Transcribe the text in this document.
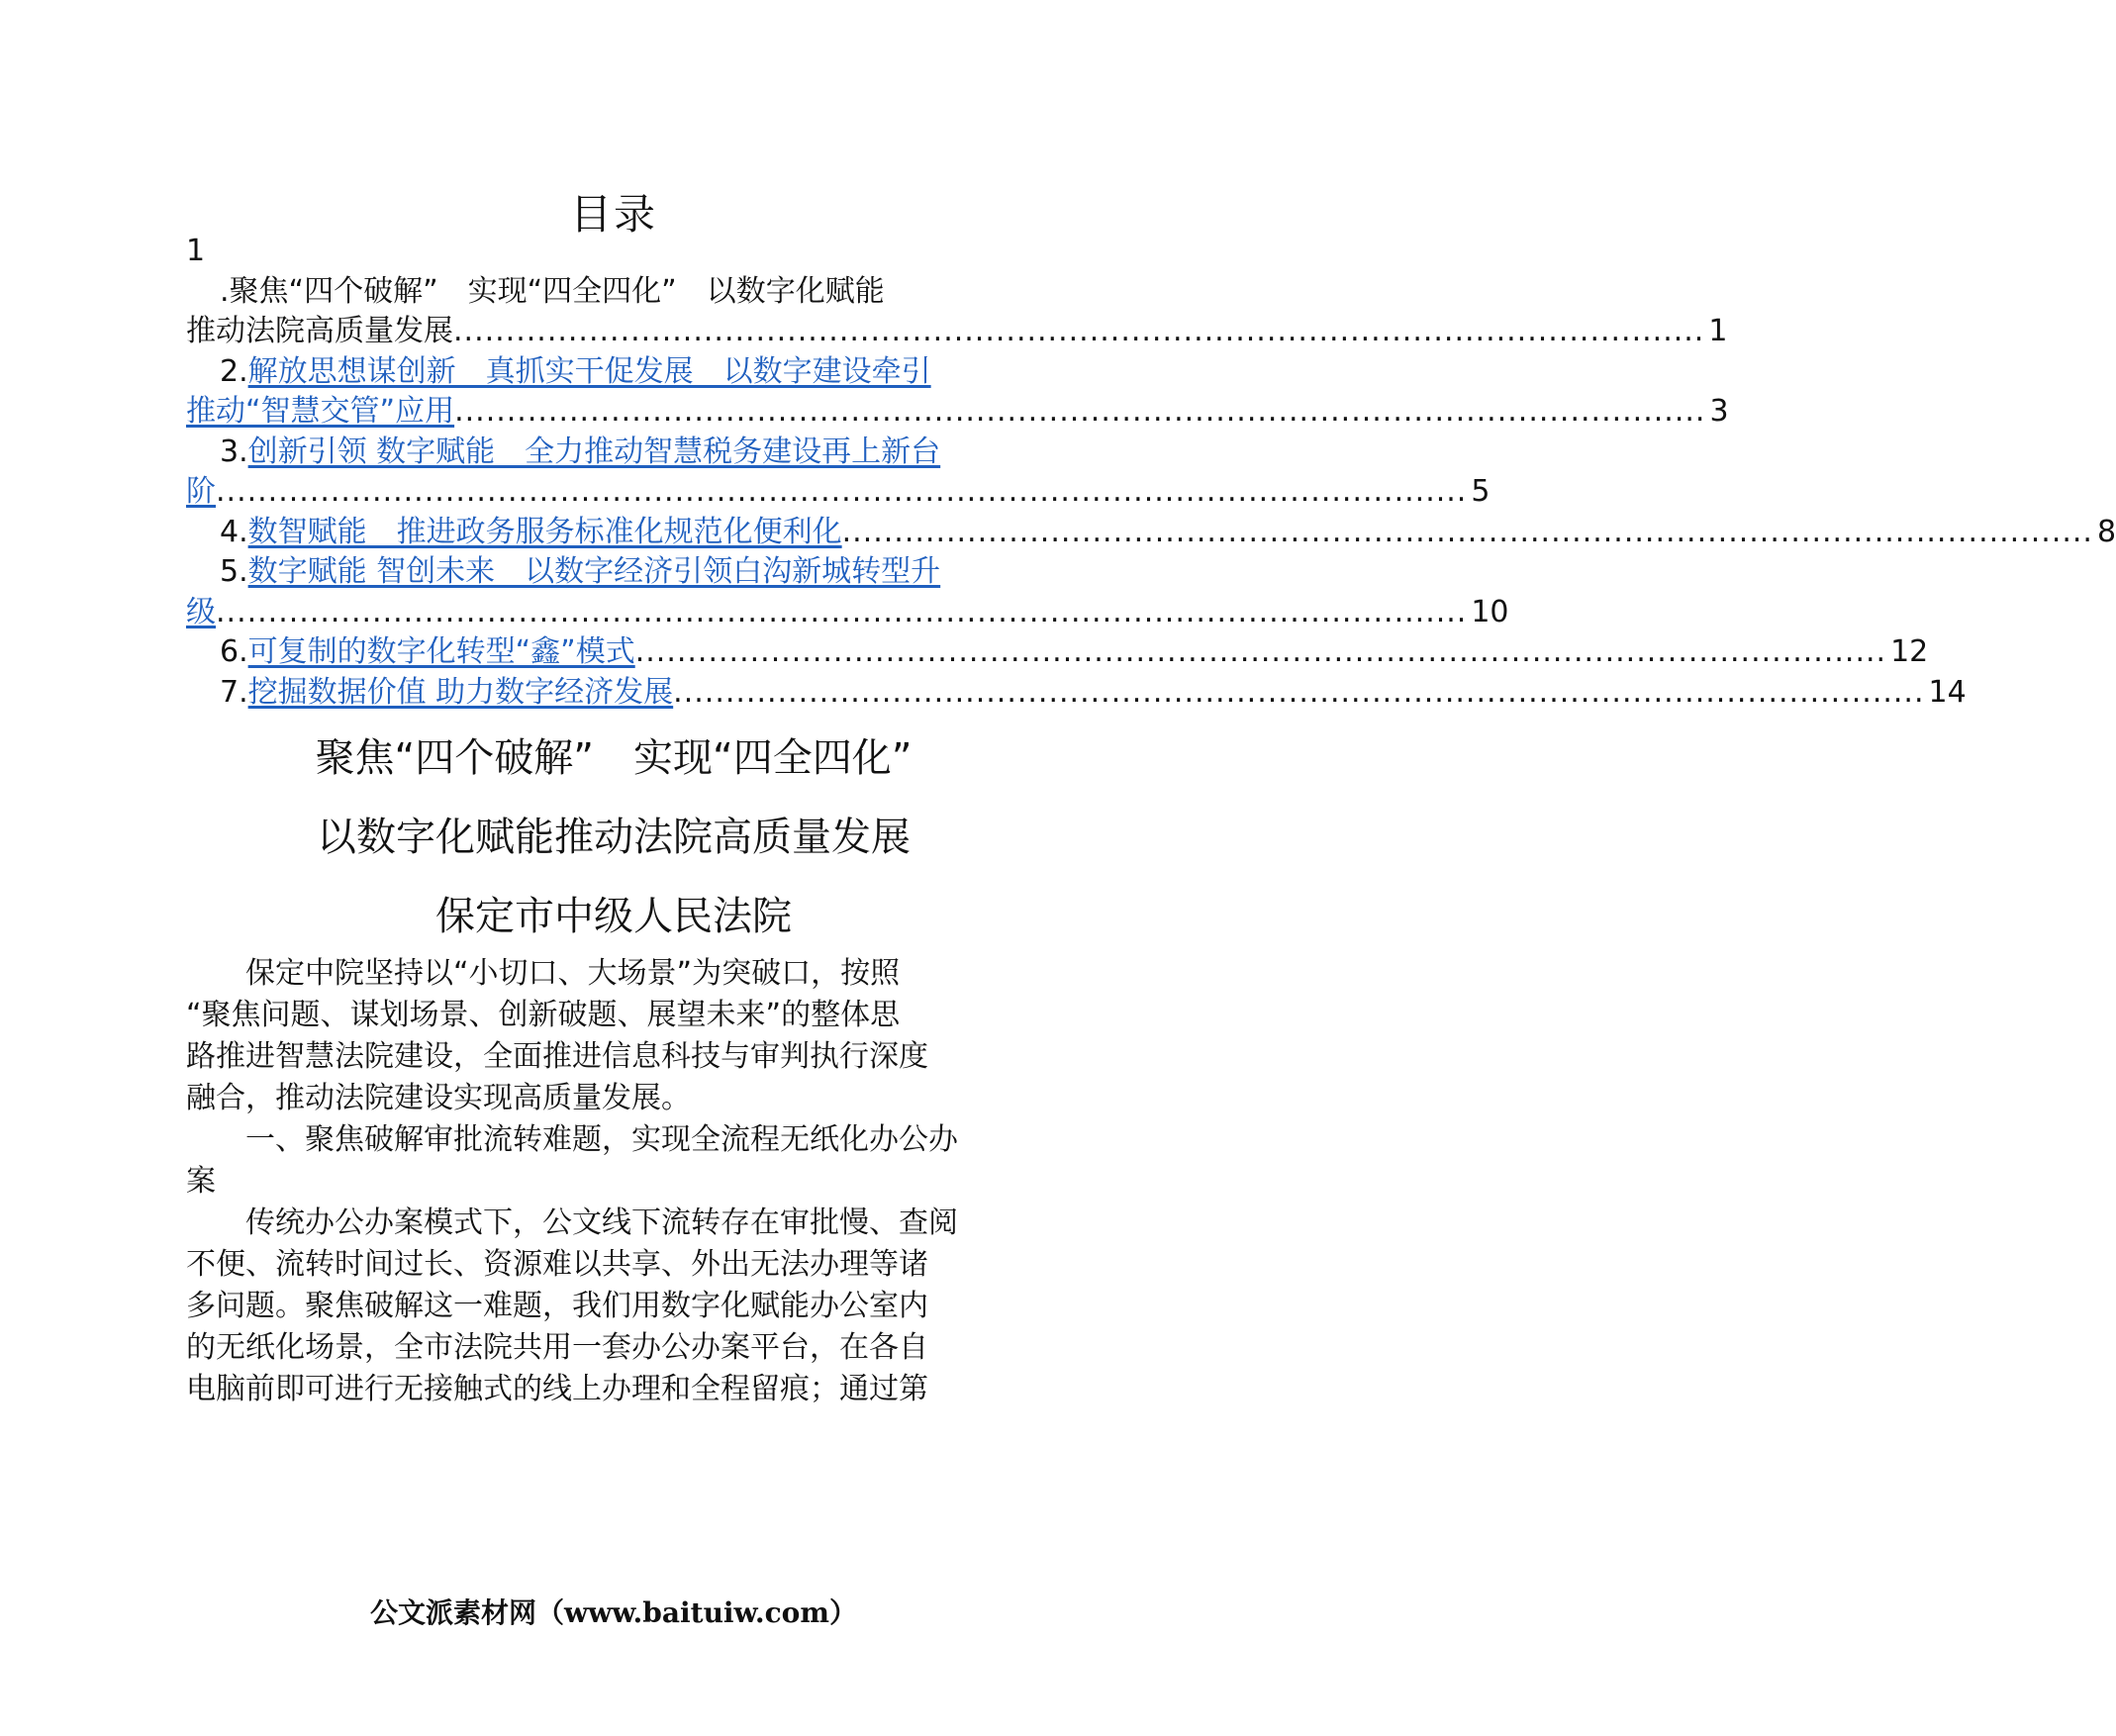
目录
1
.聚焦“四个破解”　实现“四全四化”　以数字化赋能
推动法院高质量发展 ........................................................................................................................ 1
2.解放思想谋创新　真抓实干促发展　以数字建设牵引
推动“智慧交管”应用 ........................................................................................................................ 3
3.创新引领 数字赋能　全力推动智慧税务建设再上新台
阶 ........................................................................................................................ 5
4. 数智赋能　推进政务服务标准化规范化便利化 ........................................................................................................................ 8
5.数字赋能 智创未来　以数字经济引领白沟新城转型升
级 ........................................................................................................................ 10
6. 可复制的数字化转型“鑫”模式 ........................................................................................................................ 12
7. 挖掘数据价值 助力数字经济发展 ........................................................................................................................ 14
聚焦“四个破解”　实现“四全四化”
以数字化赋能推动法院高质量发展
保定市中级人民法院
保定中院坚持以“小切口、大场景”为突破口，按照
“聚焦问题、谋划场景、创新破题、展望未来”的整体思
路推进智慧法院建设，全面推进信息科技与审判执行深度
融合，推动法院建设实现高质量发展。
一、聚焦破解审批流转难题，实现全流程无纸化办公办
案
传统办公办案模式下，公文线下流转存在审批慢、查阅
不便、流转时间过长、资源难以共享、外出无法办理等诸
多问题。聚焦破解这一难题，我们用数字化赋能办公室内
的无纸化场景，全市法院共用一套办公办案平台，在各自
电脑前即可进行无接触式的线上办理和全程留痕；通过第
公文派素材网（www.baituiw.com）
